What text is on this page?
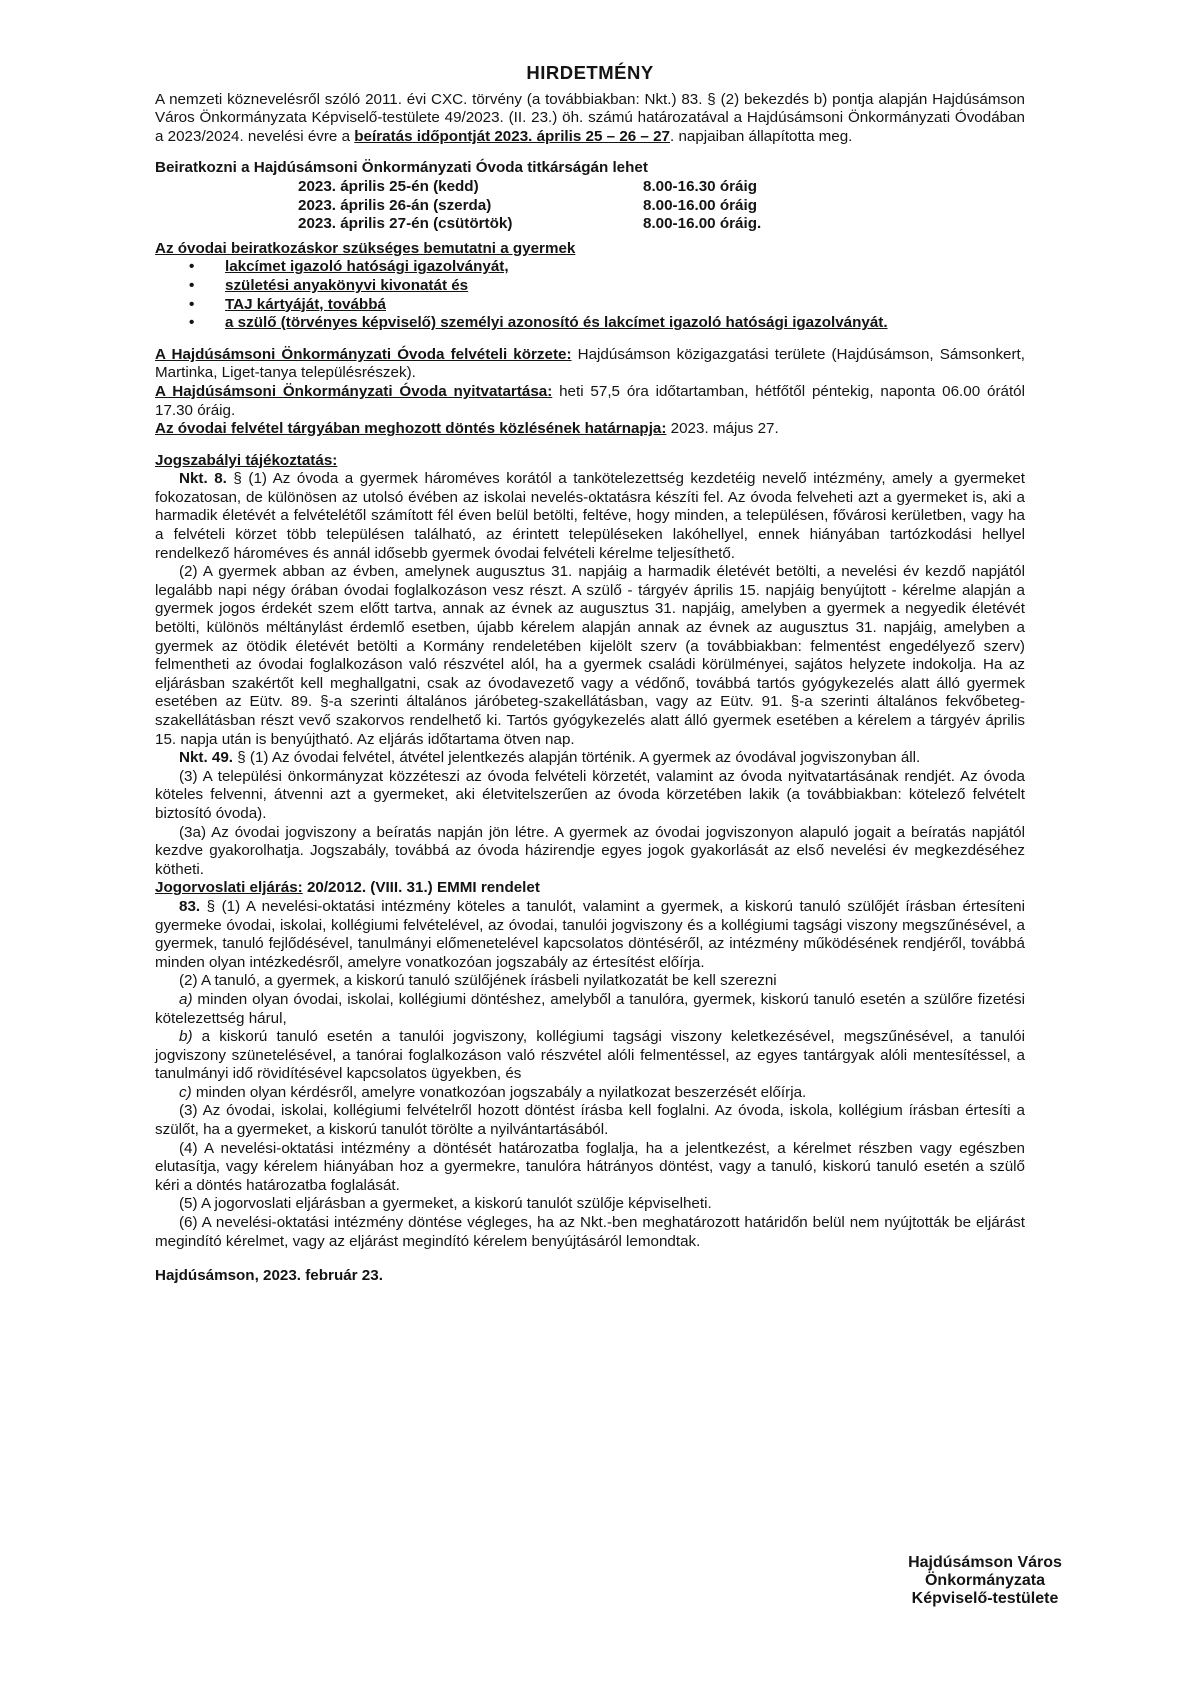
HIRDETMÉNY

A nemzeti köznevelésről szóló 2011. évi CXC. törvény (a továbbiakban: Nkt.) 83. § (2) bekezdés b) pontja alapján Hajdúsámson Város Önkormányzata Képviselő-testülete 49/2023. (II. 23.) öh. számú határozatával a Hajdúsámsoni Önkormányzati Óvodában a 2023/2024. nevelési évre a beíratás időpontját 2023. április 25 – 26 – 27. napjaiban állapította meg.

Beiratkozni a Hajdúsámsoni Önkormányzati Óvoda titkárságán lehet

2023. április 25-én (kedd)	8.00-16.30 óráig
2023. április 26-án (szerda)	8.00-16.00 óráig
2023. április 27-én (csütörtök)	8.00-16.00 óráig.

Az óvodai beiratkozáskor szükséges bemutatni a gyermek

•	lakcímet igazoló hatósági igazolványát,
•	születési anyakönyvi kivonatát és
•	TAJ kártyáját, továbbá
•	a szülő (törvényes képviselő) személyi azonosító és lakcímet igazoló hatósági igazolványát.

A Hajdúsámsoni Önkormányzati Óvoda felvételi körzete: Hajdúsámson közigazgatási területe (Hajdúsámson, Sámsonkert, Martinka, Liget-tanya településrészek).

A Hajdúsámsoni Önkormányzati Óvoda nyitvatartása: heti 57,5 óra időtartamban, hétfőtől péntekig, naponta 06.00 órától 17.30 óráig.

Az óvodai felvétel tárgyában meghozott döntés közlésének határnapja: 2023. május 27.

Jogszabályi tájékoztatás:

Nkt. 8. § (1) Az óvoda a gyermek hároméves korától a tankötelezettség kezdetéig nevelő intézmény, amely a gyermeket fokozatosan, de különösen az utolsó évében az iskolai nevelés-oktatásra készíti fel. Az óvoda felveheti azt a gyermeket is, aki a harmadik életévét a felvételétől számított fél éven belül betölti, feltéve, hogy minden, a településen, fővárosi kerületben, vagy ha a felvételi körzet több településen található, az érintett településeken lakóhellyel, ennek hiányában tartózkodási hellyel rendelkező hároméves és annál idősebb gyermek óvodai felvételi kérelme teljesíthető.

(2) A gyermek abban az évben, amelynek augusztus 31. napjáig a harmadik életévét betölti, a nevelési év kezdő napjától legalább napi négy órában óvodai foglalkozáson vesz részt. A szülő - tárgyév április 15. napjáig benyújtott - kérelme alapján a gyermek jogos érdekét szem előtt tartva, annak az évnek az augusztus 31. napjáig, amelyben a gyermek a negyedik életévét betölti, különös méltánylást érdemlő esetben, újabb kérelem alapján annak az évnek az augusztus 31. napjáig, amelyben a gyermek az ötödik életévét betölti a Kormány rendeletében kijelölt szerv (a továbbiakban: felmentést engedélyező szerv) felmentheti az óvodai foglalkozáson való részvétel alól, ha a gyermek családi körülményei, sajátos helyzete indokolja. Ha az eljárásban szakértőt kell meghallgatni, csak az óvodavezető vagy a védőnő, továbbá tartós gyógykezelés alatt álló gyermek esetében az Eütv. 89. §-a szerinti általános járóbeteg-szakellátásban, vagy az Eütv. 91. §-a szerinti általános fekvőbeteg-szakellátásban részt vevő szakorvos rendelhető ki. Tartós gyógykezelés alatt álló gyermek esetében a kérelem a tárgyév április 15. napja után is benyújtható. Az eljárás időtartama ötven nap.

Nkt. 49. § (1) Az óvodai felvétel, átvétel jelentkezés alapján történik. A gyermek az óvodával jogviszonyban áll.

(3) A települési önkormányzat közzéteszi az óvoda felvételi körzetét, valamint az óvoda nyitvatartásának rendjét. Az óvoda köteles felvenni, átvenni azt a gyermeket, aki életvitelszerűen az óvoda körzetében lakik (a továbbiakban: kötelező felvételt biztosító óvoda).

(3a) Az óvodai jogviszony a beíratás napján jön létre. A gyermek az óvodai jogviszonyon alapuló jogait a beíratás napjától kezdve gyakorolhatja. Jogszabály, továbbá az óvoda házirendje egyes jogok gyakorlását az első nevelési év megkezdéséhez kötheti.

Jogorvoslati eljárás: 20/2012. (VIII. 31.) EMMI rendelet

83. § (1) A nevelési-oktatási intézmény köteles a tanulót, valamint a gyermek, a kiskorú tanuló szülőjét írásban értesíteni gyermeke óvodai, iskolai, kollégiumi felvételével, az óvodai, tanulói jogviszony és a kollégiumi tagsági viszony megszűnésével, a gyermek, tanuló fejlődésével, tanulmányi előmenetelével kapcsolatos döntéséről, az intézmény működésének rendjéről, továbbá minden olyan intézkedésről, amelyre vonatkozóan jogszabály az értesítést előírja.

(2) A tanuló, a gyermek, a kiskorú tanuló szülőjének írásbeli nyilatkozatát be kell szerezni

a) minden olyan óvodai, iskolai, kollégiumi döntéshez, amelyből a tanulóra, gyermek, kiskorú tanuló esetén a szülőre fizetési kötelezettség hárul,

b) a kiskorú tanuló esetén a tanulói jogviszony, kollégiumi tagsági viszony keletkezésével, megszűnésével, a tanulói jogviszony szünetelésével, a tanórai foglalkozáson való részvétel alóli felmentéssel, az egyes tantárgyak alóli mentesítéssel, a tanulmányi idő rövidítésével kapcsolatos ügyekben, és

c) minden olyan kérdésről, amelyre vonatkozóan jogszabály a nyilatkozat beszerzését előírja.

(3) Az óvodai, iskolai, kollégiumi felvételről hozott döntést írásba kell foglalni. Az óvoda, iskola, kollégium írásban értesíti a szülőt, ha a gyermeket, a kiskorú tanulót törölte a nyilvántartásából.

(4) A nevelési-oktatási intézmény a döntését határozatba foglalja, ha a jelentkezést, a kérelmet részben vagy egészben elutasítja, vagy kérelem hiányában hoz a gyermekre, tanulóra hátrányos döntést, vagy a tanuló, kiskorú tanuló esetén a szülő kéri a döntés határozatba foglalását.

(5) A jogorvoslati eljárásban a gyermeket, a kiskorú tanulót szülője képviselheti.

(6) A nevelési-oktatási intézmény döntése végleges, ha az Nkt.-ben meghatározott határidőn belül nem nyújtották be eljárást megindító kérelmet, vagy az eljárást megindító kérelem benyújtásáról lemondtak.

Hajdúsámson, 2023. február 23.

Hajdúsámson Város Önkormányzata
Képviselő-testülete
